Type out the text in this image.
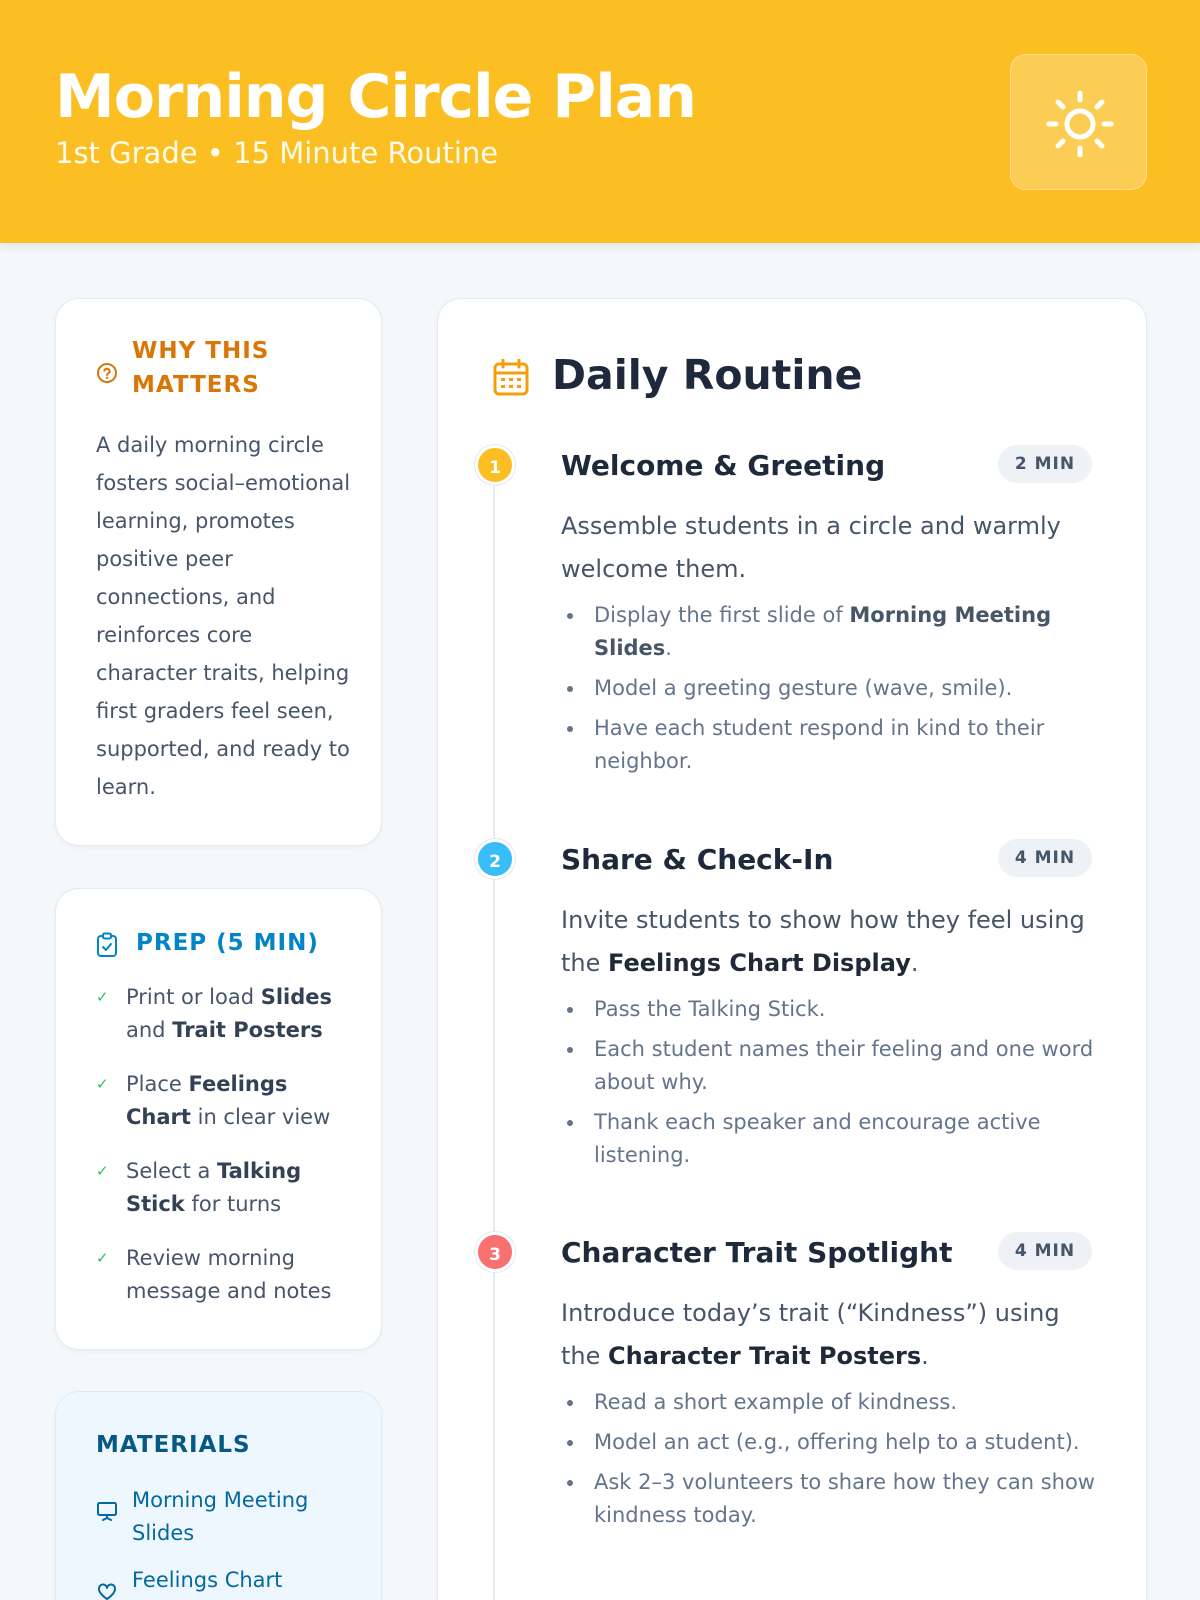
Morning Circle Plan
1st Grade • 15 Minute Routine
WHY THIS MATTERS
A daily morning circle fosters social–emotional learning, promotes positive peer connections, and reinforces core character traits, helping first graders feel seen, supported, and ready to learn.
PREP (5 MIN)
✓ Print or load Slides and Trait Posters
✓ Place Feelings Chart in clear view
✓ Select a Talking Stick for turns
✓ Review morning message and notes
MATERIALS
Morning Meeting Slides
Feelings Chart
Daily Routine
1	Welcome & Greeting	2 MIN
Assemble students in a circle and warmly welcome them.
Display the first slide of Morning Meeting Slides.
Model a greeting gesture (wave, smile).
Have each student respond in kind to their neighbor.
2	Share & Check-In	4 MIN
Invite students to show how they feel using the Feelings Chart Display.
Pass the Talking Stick.
Each student names their feeling and one word about why.
Thank each speaker and encourage active listening.
3	Character Trait Spotlight	4 MIN
Introduce today’s trait (“Kindness”) using the Character Trait Posters.
Read a short example of kindness.
Model an act (e.g., offering help to a student).
Ask 2–3 volunteers to share how they can show kindness today.
